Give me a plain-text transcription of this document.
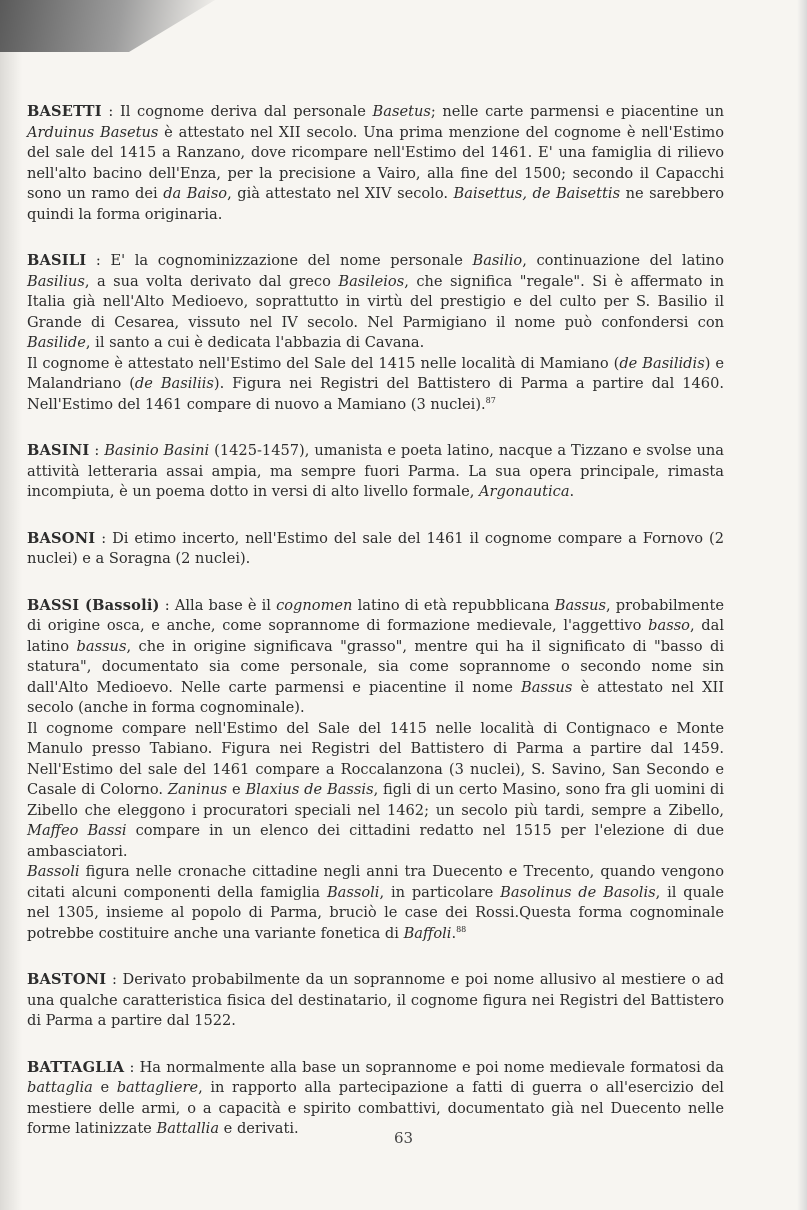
BASETTI : Il cognome deriva dal personale Basetus; nelle carte parmensi e piacentine un Arduinus Basetus è attestato nel XII secolo. Una prima menzione del cognome è nell'Estimo del sale del 1415 a Ranzano, dove ricompare nell'Estimo del 1461. E' una famiglia di rilievo nell'alto bacino dell'Enza, per la precisione a Vairo, alla fine del 1500; secondo il Capacchi sono un ramo dei da Baiso, già attestato nel XIV secolo. Baisettus, de Baisettis ne sarebbero quindi la forma originaria.

BASILI : E' la cognominizzazione del nome personale Basilio, continuazione del latino Basilius, a sua volta derivato dal greco Basileios, che significa "regale". Si è affermato in Italia già nell'Alto Medioevo, soprattutto in virtù del prestigio e del culto per S. Basilio il Grande di Cesarea, vissuto nel IV secolo. Nel Parmigiano il nome può confondersi con Basilide, il santo a cui è dedicata l'abbazia di Cavana.

Il cognome è attestato nell'Estimo del Sale del 1415 nelle località di Mamiano (de Basilidis) e Malandriano (de Basiliis). Figura nei Registri del Battistero di Parma a partire dal 1460. Nell'Estimo del 1461 compare di nuovo a Mamiano (3 nuclei).$^{87}$

BASINI : Basinio Basini (1425-1457), umanista e poeta latino, nacque a Tizzano e svolse una attività letteraria assai ampia, ma sempre fuori Parma. La sua opera principale, rimasta incompiuta, è un poema dotto in versi di alto livello formale, Argonautica.

BASONI : Di etimo incerto, nell'Estimo del sale del 1461 il cognome compare a Fornovo (2 nuclei) e a Soragna (2 nuclei).

BASSI (Bassoli) : Alla base è il cognomen latino di età repubblicana Bassus, probabilmente di origine osca, e anche, come soprannome di formazione medievale, l'aggettivo basso, dal latino bassus, che in origine significava "grasso", mentre qui ha il significato di "basso di statura", documentato sia come personale, sia come soprannome o secondo nome sin dall'Alto Medioevo. Nelle carte parmensi e piacentine il nome Bassus è attestato nel XII secolo (anche in forma cognominale).

Il cognome compare nell'Estimo del Sale del 1415 nelle località di Contignaco e Monte Manulo presso Tabiano. Figura nei Registri del Battistero di Parma a partire dal 1459. Nell'Estimo del sale del 1461 compare a Roccalanzona (3 nuclei), S. Savino, San Secondo e Casale di Colorno. Zaninus e Blaxius de Bassis, figli di un certo Masino, sono fra gli uomini di Zibello che eleggono i procuratori speciali nel 1462; un secolo più tardi, sempre a Zibello, Maffeo Bassi compare in un elenco dei cittadini redatto nel 1515 per l'elezione di due ambasciatori.

Bassoli figura nelle cronache cittadine negli anni tra Duecento e Trecento, quando vengono citati alcuni componenti della famiglia Bassoli, in particolare Basolinus de Basolis, il quale nel 1305, insieme al popolo di Parma, bruciò le case dei Rossi.Questa forma cognominale potrebbe costituire anche una variante fonetica di Baffoli.$^{88}$

BASTONI : Derivato probabilmente da un soprannome e poi nome allusivo al mestiere o ad una qualche caratteristica fisica del destinatario, il cognome figura nei Registri del Battistero di Parma a partire dal 1522.

BATTAGLIA : Ha normalmente alla base un soprannome e poi nome medievale formatosi da battaglia e battagliere, in rapporto alla partecipazione a fatti di guerra o all'esercizio del mestiere delle armi, o a capacità e spirito combattivi, documentato già nel Duecento nelle forme latinizzate Battallia e derivati.

63
